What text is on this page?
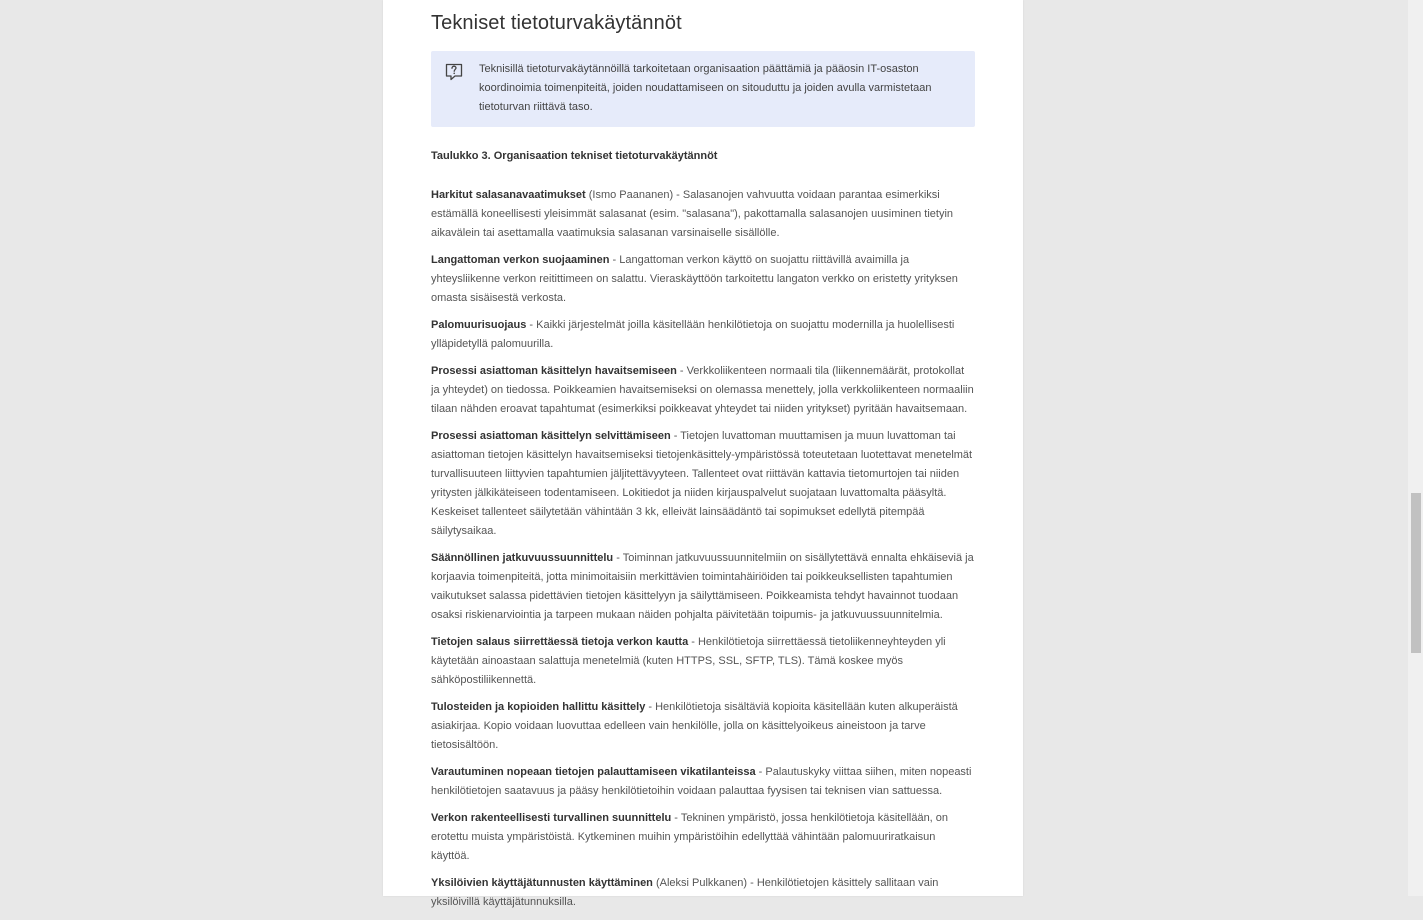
Tekniset tietoturvakäytännöt

Teknisillä tietoturvakäytännöillä tarkoitetaan organisaation päättämiä ja pääosin IT-osaston koordinoimia toimenpiteitä, joiden noudattamiseen on sitouduttu ja joiden avulla varmistetaan tietoturvan riittävä taso.

Taulukko 3. Organisaation tekniset tietoturvakäytännöt

Harkitut salasanavaatimukset (Ismo Paananen) - Salasanojen vahvuutta voidaan parantaa esimerkiksi estämällä koneellisesti yleisimmät salasanat (esim. "salasana"), pakottamalla salasanojen uusiminen tietyin aikavälein tai asettamalla vaatimuksia salasanan varsinaiselle sisällölle.

Langattoman verkon suojaaminen - Langattoman verkon käyttö on suojattu riittävillä avaimilla ja yhteysliikenne verkon reitittimeen on salattu. Vieraskäyttöön tarkoitettu langaton verkko on eristetty yrityksen omasta sisäisestä verkosta.

Palomuurisuojaus - Kaikki järjestelmät joilla käsitellään henkilötietoja on suojattu modernilla ja huolellisesti ylläpidetyllä palomuurilla.

Prosessi asiattoman käsittelyn havaitsemiseen - Verkkoliikenteen normaali tila (liikennemäärät, protokollat ja yhteydet) on tiedossa. Poikkeamien havaitsemiseksi on olemassa menettely, jolla verkkoliikenteen normaaliin tilaan nähden eroavat tapahtumat (esimerkiksi poikkeavat yhteydet tai niiden yritykset) pyritään havaitsemaan.

Prosessi asiattoman käsittelyn selvittämiseen - Tietojen luvattoman muuttamisen ja muun luvattoman tai asiattoman tietojen käsittelyn havaitsemiseksi tietojenkäsittely-ympäristössä toteutetaan luotettavat menetelmät turvallisuuteen liittyvien tapahtumien jäljitettävyyteen. Tallenteet ovat riittävän kattavia tietomurtojen tai niiden yritysten jälkikäteiseen todentamiseen. Lokitiedot ja niiden kirjauspalvelut suojataan luvattomalta pääsyltä. Keskeiset tallenteet säilytetään vähintään 3 kk, elleivät lainsäädäntö tai sopimukset edellytä pitempää säilytysaikaa.

Säännöllinen jatkuvuussuunnittelu - Toiminnan jatkuvuussuunnitelmiin on sisällytettävä ennalta ehkäiseviä ja korjaavia toimenpiteitä, jotta minimoitaisiin merkittävien toimintahäiriöiden tai poikkeuksellisten tapahtumien vaikutukset salassa pidettävien tietojen käsittelyyn ja säilyttämiseen. Poikkeamista tehdyt havainnot tuodaan osaksi riskienarviointia ja tarpeen mukaan näiden pohjalta päivitetään toipumis- ja jatkuvuussuunnitelmia.

Tietojen salaus siirrettäessä tietoja verkon kautta - Henkilötietoja siirrettäessä tietoliikenneyhteyden yli käytetään ainoastaan salattuja menetelmiä (kuten HTTPS, SSL, SFTP, TLS). Tämä koskee myös sähköpostiliikennettä.

Tulosteiden ja kopioiden hallittu käsittely - Henkilötietoja sisältäviä kopioita käsitellään kuten alkuperäistä asiakirjaa. Kopio voidaan luovuttaa edelleen vain henkilölle, jolla on käsittelyoikeus aineistoon ja tarve tietosisältöön.

Varautuminen nopeaan tietojen palauttamiseen vikatilanteissa - Palautuskyky viittaa siihen, miten nopeasti henkilötietojen saatavuus ja pääsy henkilötietoihin voidaan palauttaa fyysisen tai teknisen vian sattuessa.

Verkon rakenteellisesti turvallinen suunnittelu - Tekninen ympäristö, jossa henkilötietoja käsitellään, on erotettu muista ympäristöistä. Kytkeminen muihin ympäristöihin edellyttää vähintään palomuuriratkaisun käyttöä.

Yksilöivien käyttäjätunnusten käyttäminen (Aleksi Pulkkanen) - Henkilötietojen käsittely sallitaan vain yksilöivillä käyttäjätunnuksilla.
